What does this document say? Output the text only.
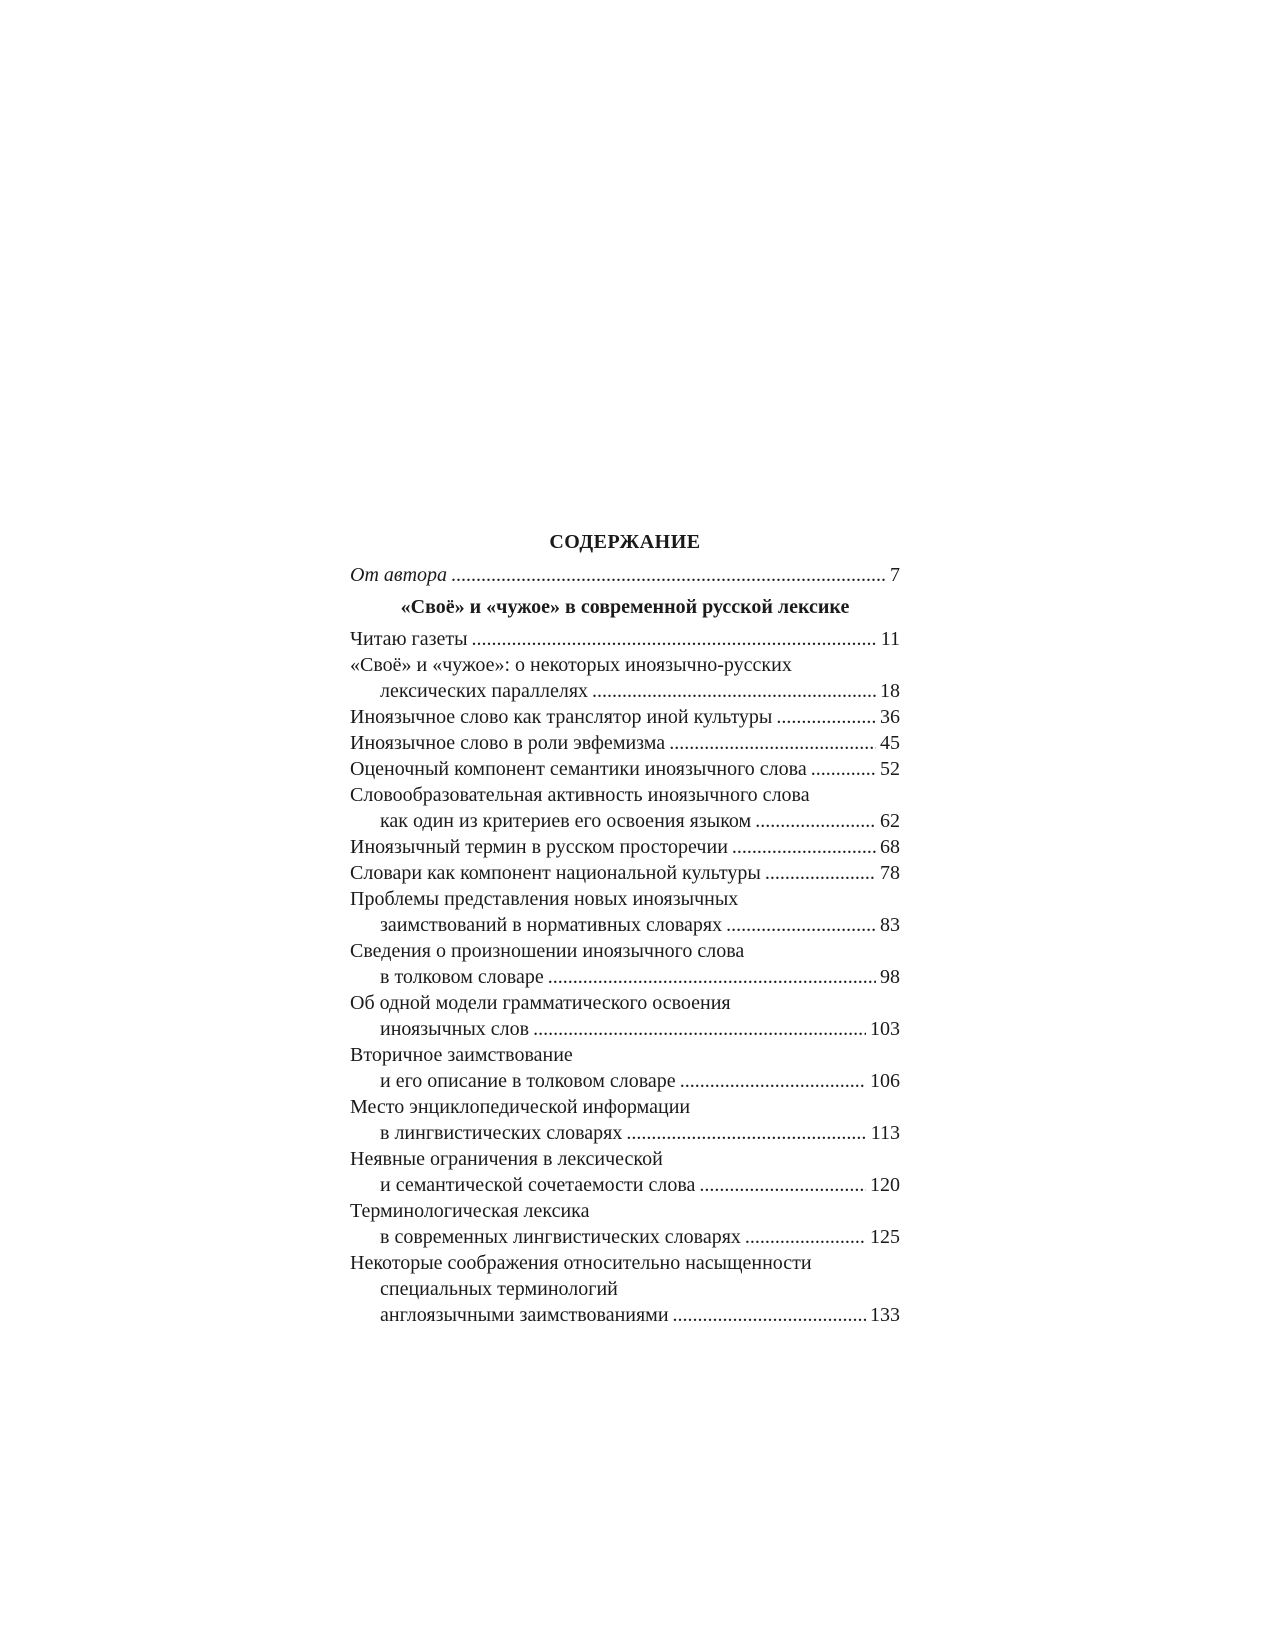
СОДЕРЖАНИЕ
От автора .....	7
«Своё» и «чужое» в современной русской лексике
Читаю газеты .....	11
«Своё» и «чужое»: о некоторых иноязычно-русских
лексических параллелях .....	18
Иноязычное слово как транслятор иной культуры .....	36
Иноязычное слово в роли эвфемизма .....	45
Оценочный компонент семантики иноязычного слова .....	52
Словообразовательная активность иноязычного слова
как один из критериев его освоения языком .....	62
Иноязычный термин в русском просторечии .....	68
Словари как компонент национальной культуры .....	78
Проблемы представления новых иноязычных
заимствований в нормативных словарях .....	83
Сведения о произношении иноязычного слова
в толковом словаре .....	98
Об одной модели грамматического освоения
иноязычных слов .....	103
Вторичное заимствование
и его описание в толковом словаре .....	106
Место энциклопедической информации
в лингвистических словарях .....	113
Неявные ограничения в лексической
и семантической сочетаемости слова .....	120
Терминологическая лексика
в современных лингвистических словарях .....	125
Некоторые соображения относительно насыщенности
специальных терминологий
англоязычными заимствованиями .....	133
